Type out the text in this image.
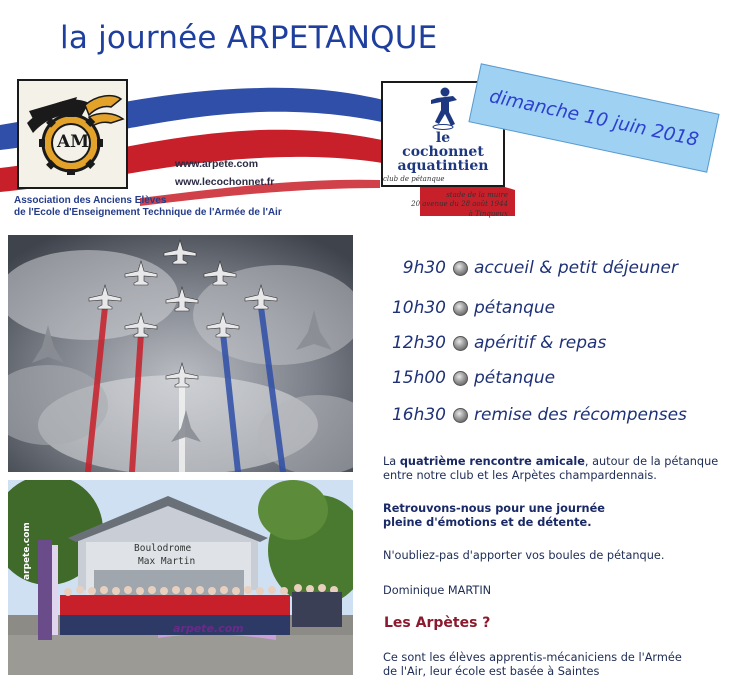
la journée ARPETANQUE
AM
www.arpete.com
www.lecochonnet.fr
Association des Anciens Elèves
de l'Ecole d'Enseignement Technique de l'Armée de l'Air
le
cochonnet
aquatintien
club de pétanque
stade de la muire
20 avenue du 28 août 1944
à Tinqueux
dimanche 10 juin 2018
Boulodrome
Max Martin
arpete.com
arpete.com
9h30 accueil & petit déjeuner
10h30 pétanque
12h30 apéritif & repas
15h00 pétanque
16h30 remise des récompenses
La quatrième rencontre amicale, autour de la pétanque
entre notre club et les Arpètes champardennais.
Retrouvons-nous pour une journée
pleine d'émotions et de détente.
N'oubliez-pas d'apporter vos boules de pétanque.
Dominique MARTIN
Les Arpètes ?
Ce sont les élèves apprentis-mécaniciens de l'Armée
de l'Air, leur école est basée à Saintes
